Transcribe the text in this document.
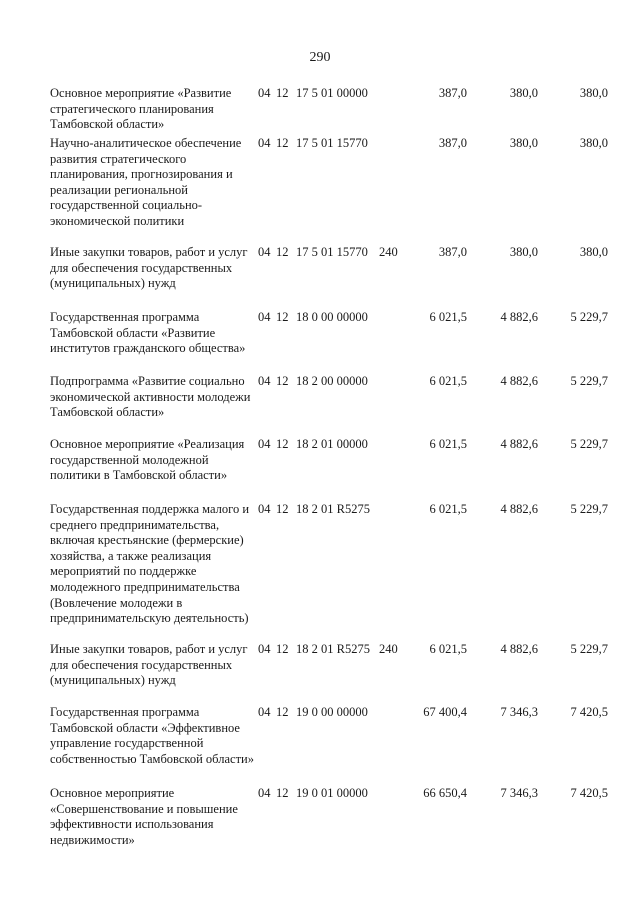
290
Основное мероприятие «Развитие стратегического планирования Тамбовской области»
04 12 17 5 01 00000	387,0	380,0	380,0
Научно-аналитическое обеспечение развития стратегического планирования, прогнозирования и реализации региональной государственной социально-экономической политики
04 12 17 5 01 15770	387,0	380,0	380,0
Иные закупки товаров, работ и услуг для обеспечения государственных (муниципальных) нужд
04 12 17 5 01 15770 240	387,0	380,0	380,0
Государственная программа Тамбовской области «Развитие институтов гражданского общества»
04 12 18 0 00 00000	6 021,5	4 882,6	5 229,7
Подпрограмма «Развитие социально экономической активности молодежи Тамбовской области»
04 12 18 2 00 00000	6 021,5	4 882,6	5 229,7
Основное мероприятие «Реализация государственной молодежной политики в Тамбовской области»
04 12 18 2 01 00000	6 021,5	4 882,6	5 229,7
Государственная поддержка малого и среднего предпринимательства, включая крестьянские (фермерские) хозяйства, а также реализация мероприятий по поддержке молодежного предпринимательства (Вовлечение молодежи в предпринимательскую деятельность)
04 12 18 2 01 R5275	6 021,5	4 882,6	5 229,7
Иные закупки товаров, работ и услуг для обеспечения государственных (муниципальных) нужд
04 12 18 2 01 R5275 240	6 021,5	4 882,6	5 229,7
Государственная программа Тамбовской области «Эффективное управление государственной собственностью Тамбовской области»
04 12 19 0 00 00000	67 400,4	7 346,3	7 420,5
Основное мероприятие «Совершенствование и повышение эффективности использования недвижимости»
04 12 19 0 01 00000	66 650,4	7 346,3	7 420,5
